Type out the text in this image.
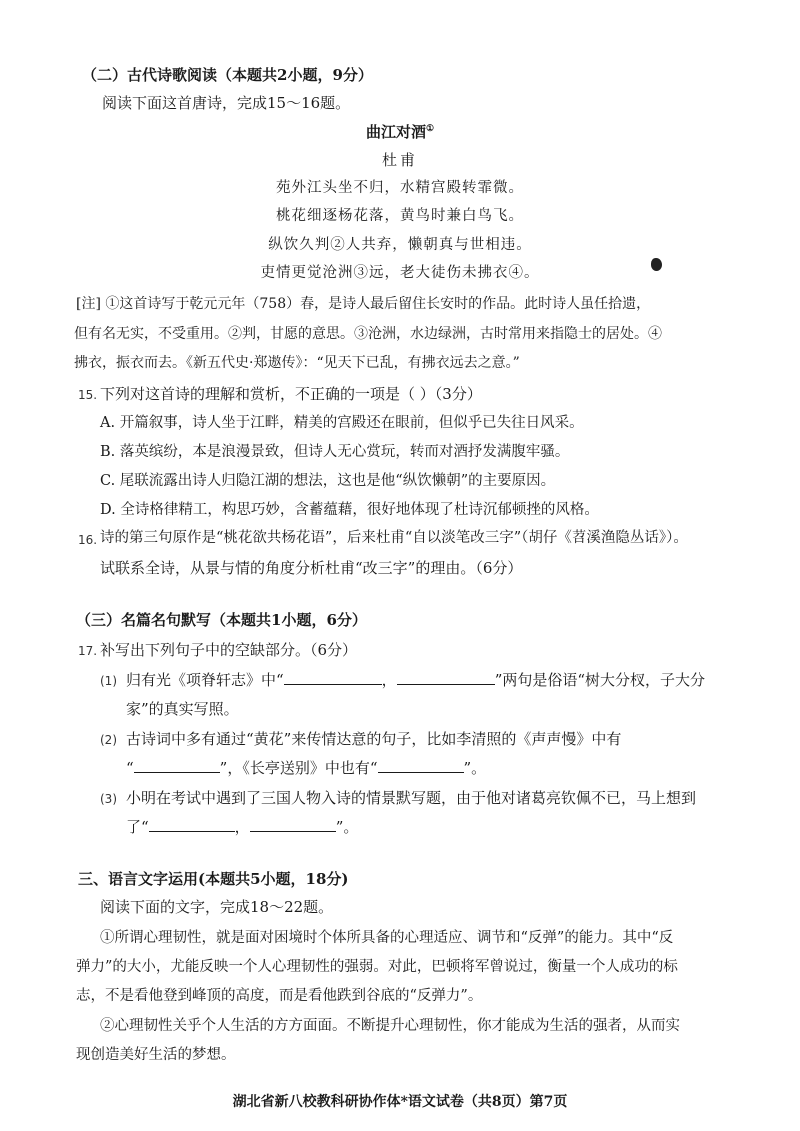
（二）古代诗歌阅读（本题共2小题，9分）
阅读下面这首唐诗，完成15～16题。
曲江对酒①
杜甫
苑外江头坐不归，水精宫殿转霏微。
桃花细逐杨花落，黄鸟时兼白鸟飞。
纵饮久判②人共弃，懒朝真与世相违。
吏情更觉沧洲③远，老大徒伤未拂衣④。
[注] ①这首诗写于乾元元年（758）春，是诗人最后留住长安时的作品。此时诗人虽任拾遗，
但有名无实，不受重用。②判，甘愿的意思。③沧洲，水边绿洲，古时常用来指隐士的居处。④
拂衣，振衣而去。《新五代史·郑遨传》：“见天下已乱，有拂衣远去之意。”
15. 下列对这首诗的理解和赏析，不正确的一项是（ ）（3分）
A. 开篇叙事，诗人坐于江畔，精美的宫殿还在眼前，但似乎已失往日风采。
B. 落英缤纷，本是浪漫景致，但诗人无心赏玩，转而对酒抒发满腹牢骚。
C. 尾联流露出诗人归隐江湖的想法，这也是他“纵饮懒朝”的主要原因。
D. 全诗格律精工，构思巧妙，含蓄蕴藉，很好地体现了杜诗沉郁顿挫的风格。
16. 诗的第三句原作是“桃花欲共杨花语”，后来杜甫“自以淡笔改三字”（胡仔《苕溪渔隐丛话》）。
试联系全诗，从景与情的角度分析杜甫“改三字”的理由。（6分）
（三）名篇名句默写（本题共1小题，6分）
17. 补写出下列句子中的空缺部分。（6分）
(1) 归有光《项脊轩志》中“	，	”两句是俗语“树大分杈，子大分
家”的真实写照。
(2) 古诗词中多有通过“黄花”来传情达意的句子，比如李清照的《声声慢》中有
“	”，《长亭送别》中也有“	”。
(3) 小明在考试中遇到了三国人物入诗的情景默写题，由于他对诸葛亮钦佩不已，马上想到
了“	，	”。
三、语言文字运用(本题共5小题，18分)
阅读下面的文字，完成18～22题。
①所谓心理韧性，就是面对困境时个体所具备的心理适应、调节和“反弹”的能力。其中“反
弹力”的大小，尤能反映一个人心理韧性的强弱。对此，巴顿将军曾说过，衡量一个人成功的标
志，不是看他登到峰顶的高度，而是看他跌到谷底的“反弹力”。
②心理韧性关乎个人生活的方方面面。不断提升心理韧性，你才能成为生活的强者，从而实
现创造美好生活的梦想。
湖北省新八校教科研协作体*语文试卷（共8页）第7页
